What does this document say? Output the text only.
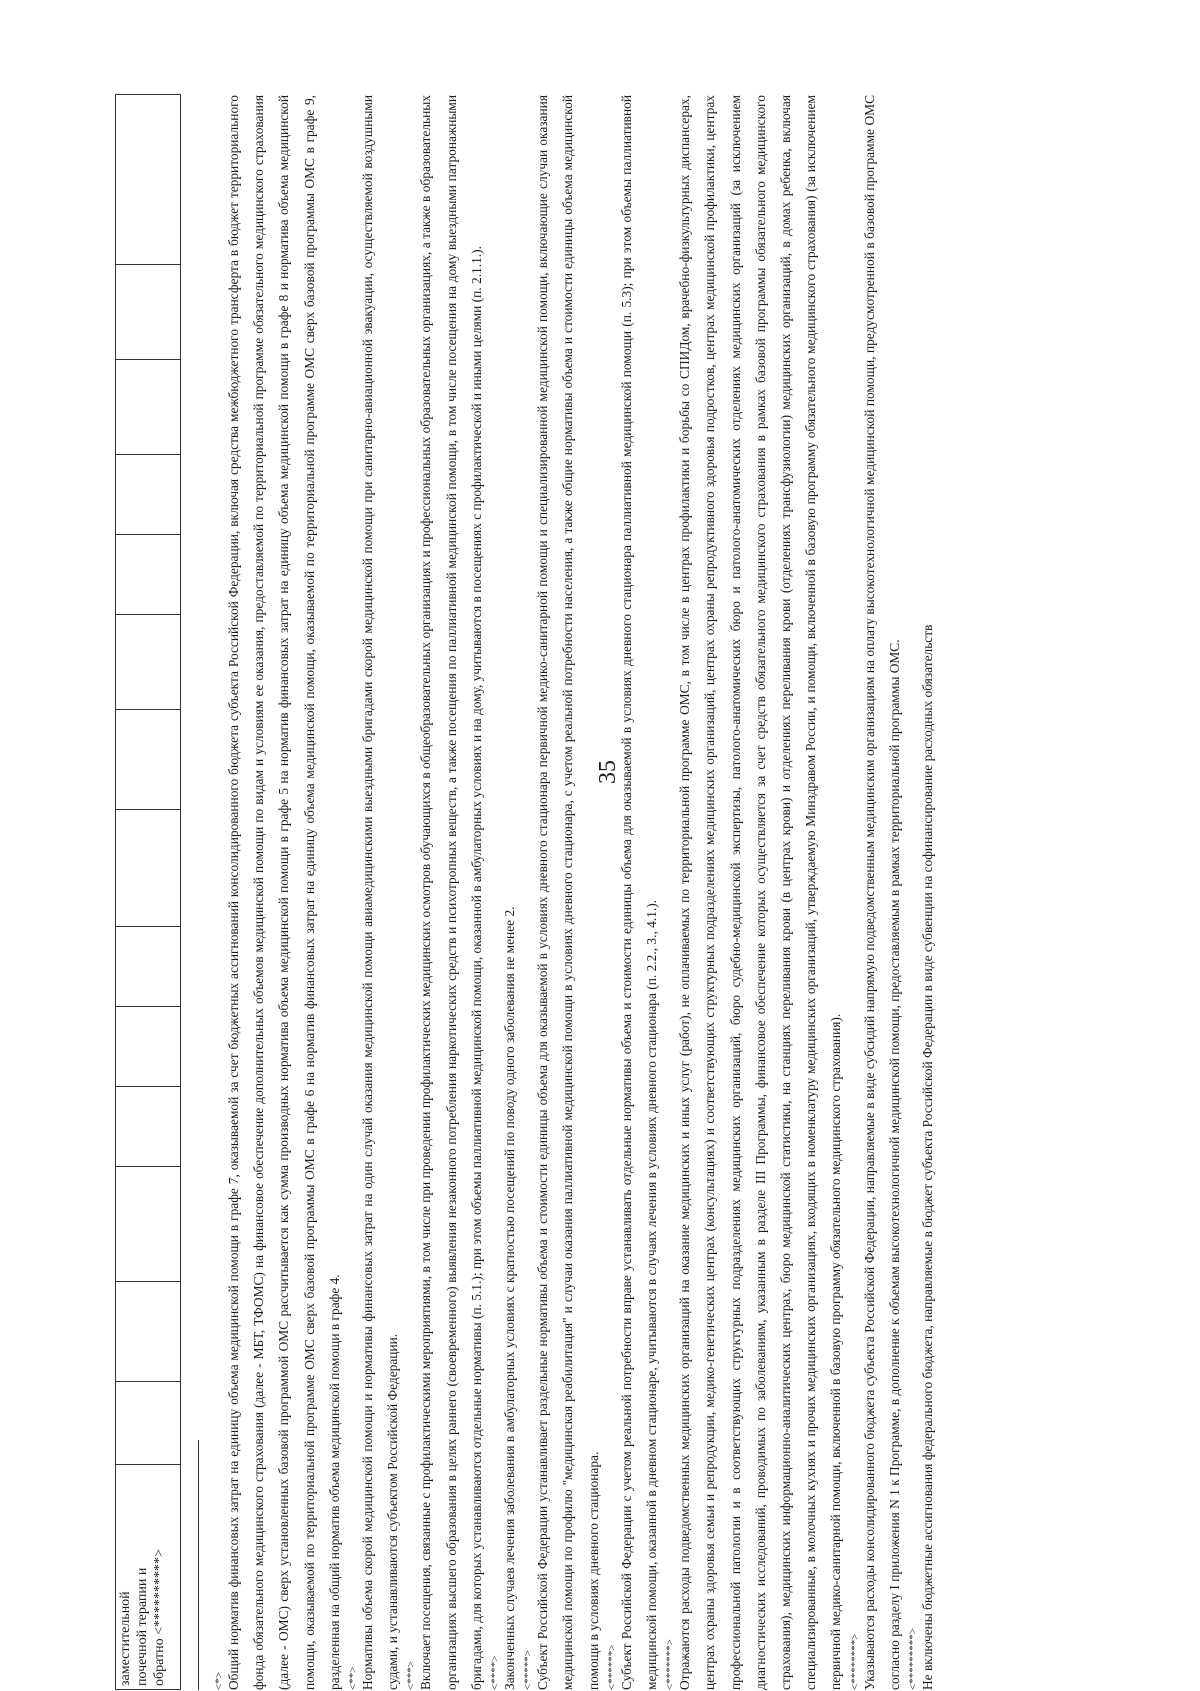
35
заместительной почечной терапии и обратно <**********>	<*> Общий норматив финансовых затрат на единицу объема медицинской помощи в графе 7, оказываемой за счет бюджетных ассигнований консолидированного бюджета субъекта Российской Федерации, включая средства межбюджетного трансферта в бюджет территориального фонда обязательного медицинского страхования (далее - МБТ, ТФОМС) на финансовое обеспечение дополнительных объемов медицинской помощи по видам и условиям ее оказания, предоставляемой по территориальной программе обязательного медицинского страхования (далее - ОМС) сверх установленных базовой программой ОМС рассчитывается как сумма производных норматива объема медицинской помощи в графе 5 на норматив финансовых затрат на единицу объема медицинской помощи в графе 8 и норматива объема медицинской помощи, оказываемой по территориальной программе ОМС сверх базовой программы ОМС в графе 6 на норматив финансовых затрат на единицу объема медицинской помощи, оказываемой по территориальной программе ОМС сверх базовой программы ОМС в графе 9, разделенная на общий норматив объема медицинской помощи в графе 4. <**> Нормативы объема скорой медицинской помощи и нормативы финансовых затрат на один случай оказания медицинской помощи авиамедицинскими выездными бригадами скорой медицинской помощи при санитарно-авиационной эвакуации, осуществляемой воздушными судами, и устанавливаются субъектом Российской Федерации. <***> Включает посещения, связанные с профилактическими мероприятиями, в том числе при проведении профилактических медицинских осмотров обучающихся в общеобразовательных организациях и профессиональных образовательных организациях, а также в образовательных организациях высшего образования в целях раннего (своевременного) выявления незаконного потребления наркотических средств и психотропных веществ, а также посещения по паллиативной медицинской помощи, в том числе посещения на дому выездными патронажными бригадами, для которых устанавливаются отдельные нормативы (п. 5.1.); при этом объемы паллиативной медицинской помощи, оказанной в амбулаторных условиях и на дому, учитываются в посещениях с профилактической и иными целями (п. 2.1.1.). <****> Законченных случаев лечения заболевания в амбулаторных условиях с кратностью посещений по поводу одного заболевания не менее 2. <*****> Субъект Российской Федерации устанавливает раздельные нормативы объема и стоимости единицы объема для оказываемой в условиях дневного стационара первичной медико-санитарной помощи и специализированной медицинской помощи, включающие случаи оказания медицинской помощи по профилю "медицинская реабилитация" и случаи оказания паллиативной медицинской помощи в условиях дневного стационара, с учетом реальной потребности населения, а также общие нормативы объема и стоимости единицы объема медицинской помощи в условиях дневного стационара. <******> Субъект Российской Федерации с учетом реальной потребности вправе устанавливать отдельные нормативы объема и стоимости единицы объема для оказываемой в условиях дневного стационара паллиативной медицинской помощи (п. 5.3); при этом объемы паллиативной медицинской помощи, оказанной в дневном стационаре, учитываются в случаях лечения в условиях дневного стационара (п. 2.2., 3., 4.1.). <*******> Отражаются расходы подведомственных медицинских организаций на оказание медицинских и иных услуг (работ), не оплачиваемых по территориальной программе ОМС, в том числе в центрах профилактики и борьбы со СПИДом, врачебно-физкультурных диспансерах, центрах охраны здоровья семьи и репродукции, медико-генетических центрах (консультациях) и соответствующих структурных подразделениях медицинских организаций, центрах охраны репродуктивного здоровья подростков, центрах медицинской профилактики, центрах профессиональной патологии и в соответствующих структурных подразделениях медицинских организаций, бюро судебно-медицинской экспертизы, патолого-анатомических бюро и патолого-анатомических отделениях медицинских организаций (за исключением диагностических исследований, проводимых по заболеваниям, указанным в разделе III Программы, финансовое обеспечение которых осуществляется за счет средств обязательного медицинского страхования в рамках базовой программы обязательного медицинского страхования), медицинских информационно-аналитических центрах, бюро медицинской статистики, на станциях переливания крови (в центрах крови) и отделениях переливания крови (отделениях трансфузиологии) медицинских организаций, в домах ребенка, включая специализированные, в молочных кухнях и прочих медицинских организациях, входящих в номенклатуру медицинских организаций, утверждаемую Минздравом России, и помощи, включенной в базовую программу обязательного медицинского страхования) (за исключением первичной медико-санитарной помощи, включенной в базовую программу обязательного медицинского страхования). <********> Указываются расходы консолидированного бюджета субъекта Российской Федерации, направляемые в виде субсидий напрямую подведомственным медицинским организациям на оплату высокотехнологичной медицинской помощи, предусмотренной в базовой программе ОМС согласно разделу I приложения N 1 к Программе, в дополнение к объемам высокотехнологичной медицинской помощи, предоставляемым в рамках территориальной программы ОМС. <*********> Не включены бюджетные ассигнования федерального бюджета, направляемые в бюджет субъекта Российской Федерации в виде субвенции на софинансирование расходных обязательств
